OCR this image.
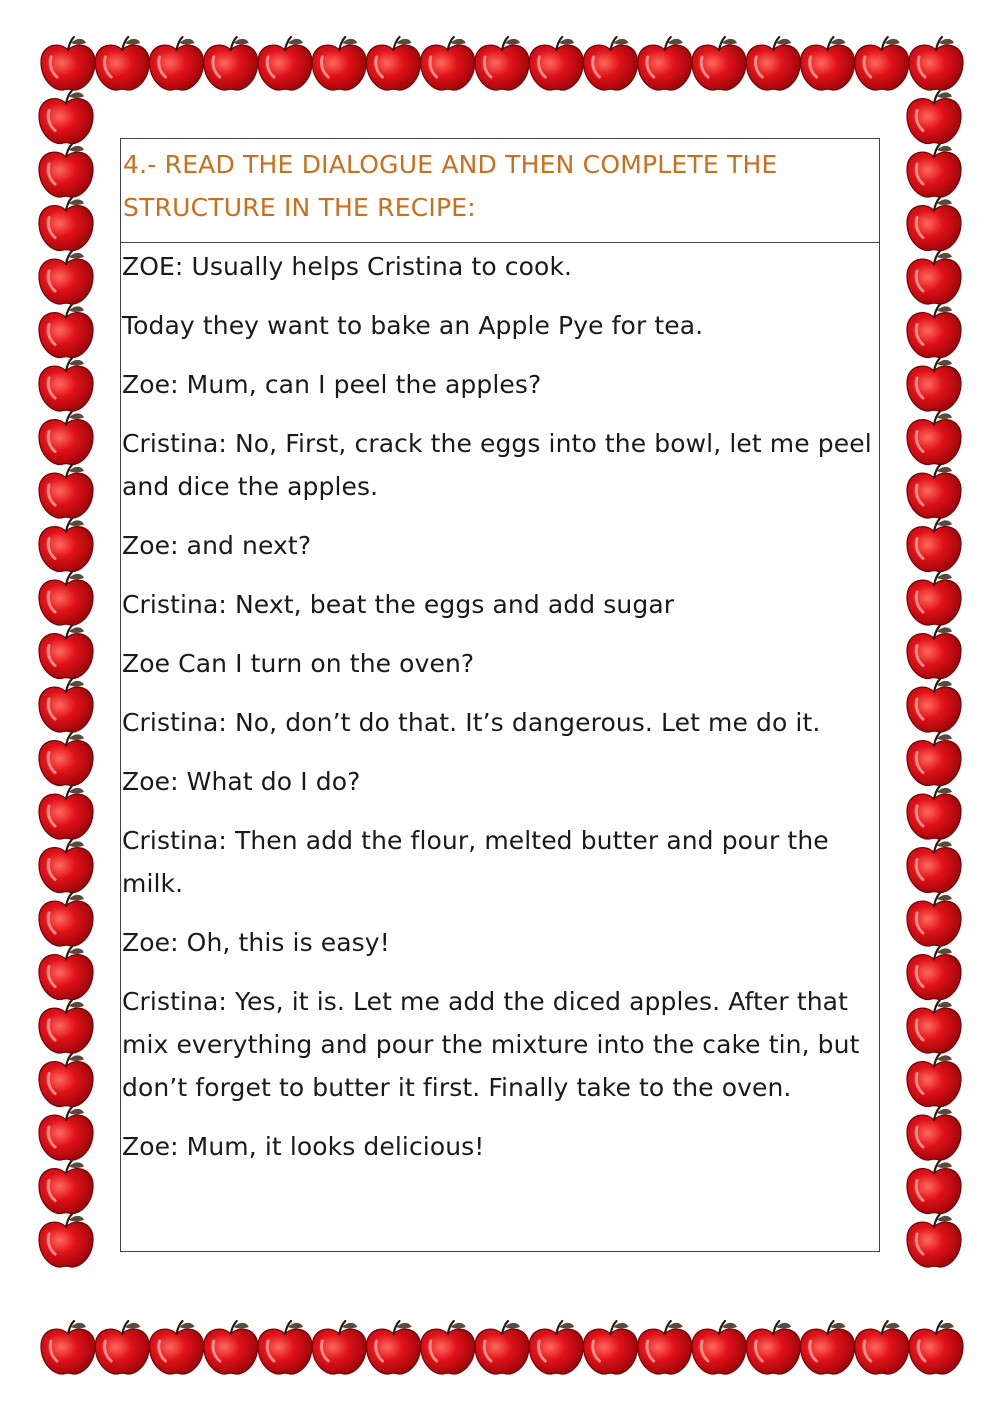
4.- READ THE DIALOGUE AND THEN COMPLETE THE STRUCTURE IN THE RECIPE:

ZOE: Usually helps Cristina to cook.

Today they want to bake an Apple Pye for tea.

Zoe: Mum, can I peel the apples?

Cristina: No, First, crack the eggs into the bowl, let me peel and dice the apples.

Zoe: and next?

Cristina: Next, beat the eggs and add sugar

Zoe Can I turn on the oven?

Cristina: No, don’t do that. It’s dangerous. Let me do it.

Zoe: What do I do?

Cristina: Then add the flour, melted butter and pour the milk.

Zoe: Oh, this is easy!

Cristina: Yes, it is. Let me add the diced apples. After that mix everything and pour the mixture into the cake tin, but don’t forget to butter it first. Finally take to the oven.

Zoe: Mum, it looks delicious!
